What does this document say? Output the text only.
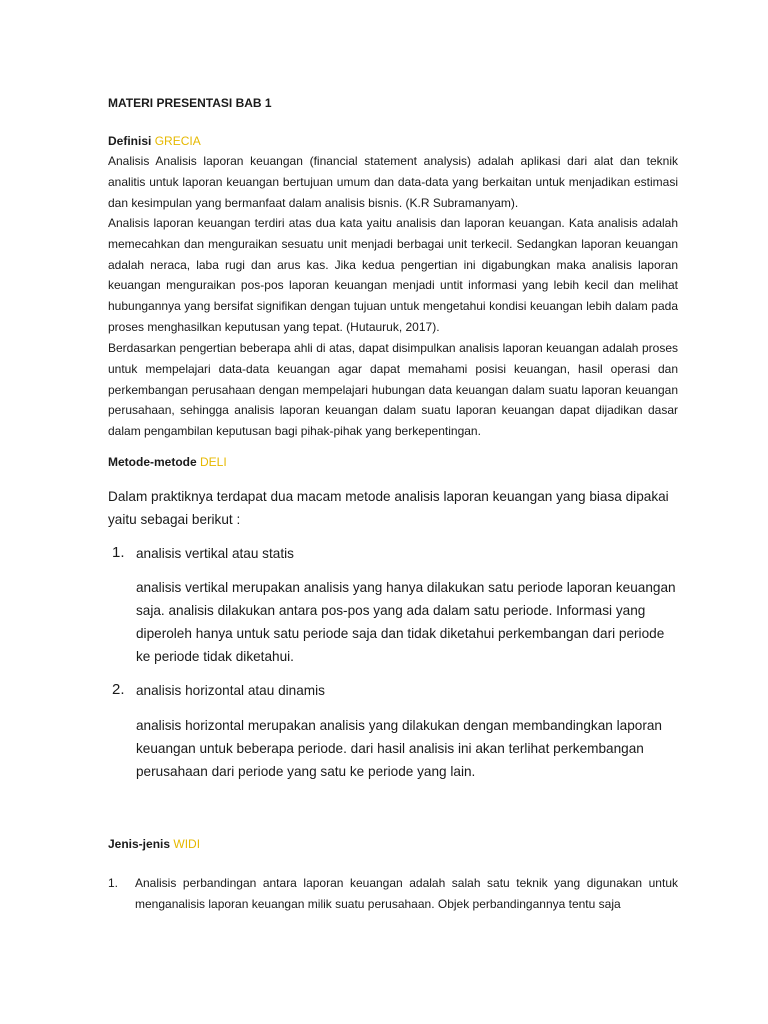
MATERI PRESENTASI BAB 1
Definisi GRECIA
Analisis Analisis laporan keuangan (financial statement analysis) adalah aplikasi dari alat dan teknik analitis untuk laporan keuangan bertujuan umum dan data-data yang berkaitan untuk menjadikan estimasi dan kesimpulan yang bermanfaat dalam analisis bisnis. (K.R Subramanyam).
Analisis laporan keuangan terdiri atas dua kata yaitu analisis dan laporan keuangan. Kata analisis adalah memecahkan dan menguraikan sesuatu unit menjadi berbagai unit terkecil. Sedangkan laporan keuangan adalah neraca, laba rugi dan arus kas. Jika kedua pengertian ini digabungkan maka analisis laporan keuangan menguraikan pos-pos laporan keuangan menjadi untit informasi yang lebih kecil dan melihat hubungannya yang bersifat signifikan dengan tujuan untuk mengetahui kondisi keuangan lebih dalam pada proses menghasilkan keputusan yang tepat. (Hutauruk, 2017).
Berdasarkan pengertian beberapa ahli di atas, dapat disimpulkan analisis laporan keuangan adalah proses untuk mempelajari data-data keuangan agar dapat memahami posisi keuangan, hasil operasi dan perkembangan perusahaan dengan mempelajari hubungan data keuangan dalam suatu laporan keuangan perusahaan, sehingga analisis laporan keuangan dalam suatu laporan keuangan dapat dijadikan dasar dalam pengambilan keputusan bagi pihak-pihak yang berkepentingan.
Metode-metode DELI
Dalam praktiknya terdapat dua macam metode analisis laporan keuangan yang biasa dipakai yaitu sebagai berikut :
1. analisis vertikal atau statis
analisis vertikal merupakan analisis yang hanya dilakukan satu periode laporan keuangan saja. analisis dilakukan antara pos-pos yang ada dalam satu periode. Informasi yang diperoleh hanya untuk satu periode saja dan tidak diketahui perkembangan dari periode ke periode tidak diketahui.
2. analisis horizontal atau dinamis
analisis horizontal merupakan analisis yang dilakukan dengan membandingkan laporan keuangan untuk beberapa periode. dari hasil analisis ini akan terlihat perkembangan perusahaan dari periode yang satu ke periode yang lain.
Jenis-jenis WIDI
1. Analisis perbandingan antara laporan keuangan adalah salah satu teknik yang digunakan untuk menganalisis laporan keuangan milik suatu perusahaan. Objek perbandingannya tentu saja
